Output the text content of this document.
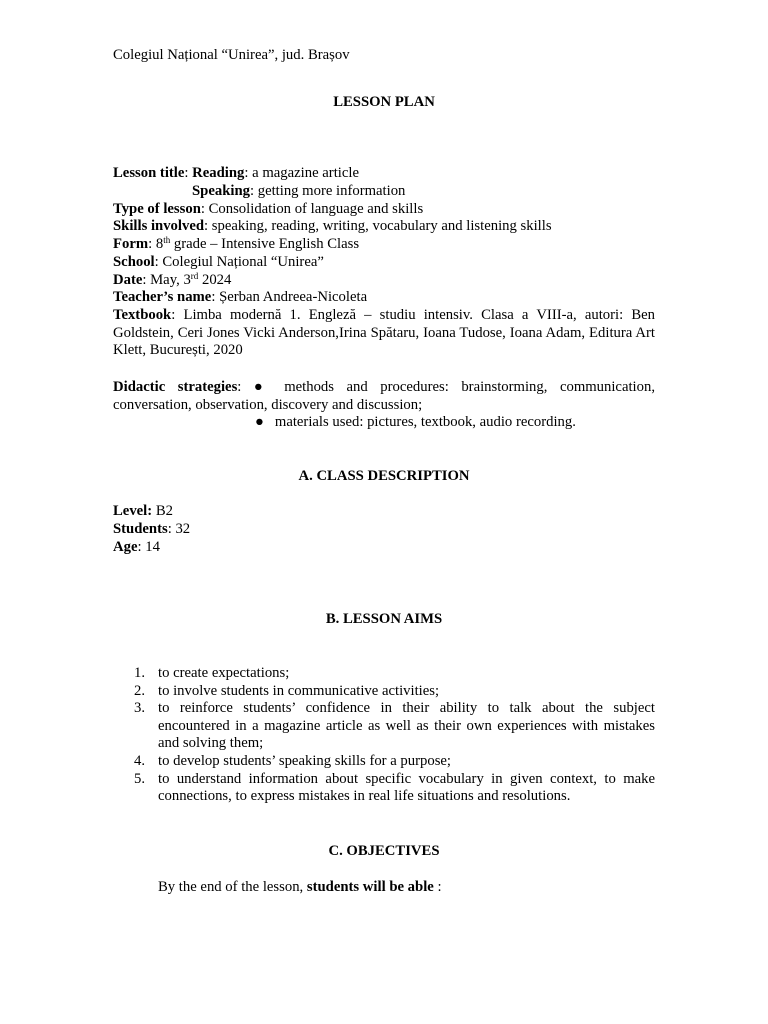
Colegiul Național “Unirea”, jud. Brașov
LESSON PLAN
Lesson title: Reading: a magazine article
Speaking: getting more information
Type of lesson: Consolidation of language and skills
Skills involved: speaking, reading, writing, vocabulary and listening skills
Form: 8th grade – Intensive English Class
School: Colegiul Național “Unirea”
Date: May, 3rd 2024
Teacher’s name: Șerban Andreea-Nicoleta
Textbook: Limba modernă 1. Engleză – studiu intensiv. Clasa a VIII-a, autori: Ben Goldstein, Ceri Jones Vicki Anderson,Irina Spătaru, Ioana Tudose, Ioana Adam, Editura Art Klett, București, 2020
Didactic strategies: ● methods and procedures: brainstorming, communication, conversation, observation, discovery and discussion;
● materials used: pictures, textbook, audio recording.
A. CLASS DESCRIPTION
Level: B2
Students: 32
Age: 14
B. LESSON AIMS
1. to create expectations;
2. to involve students in communicative activities;
3. to reinforce students’ confidence in their ability to talk about the subject encountered in a magazine article as well as their own experiences with mistakes and solving them;
4. to develop students’ speaking skills for a purpose;
5. to understand information about specific vocabulary in given context, to make connections, to express mistakes in real life situations and resolutions.
C. OBJECTIVES
By the end of the lesson, students will be able :
